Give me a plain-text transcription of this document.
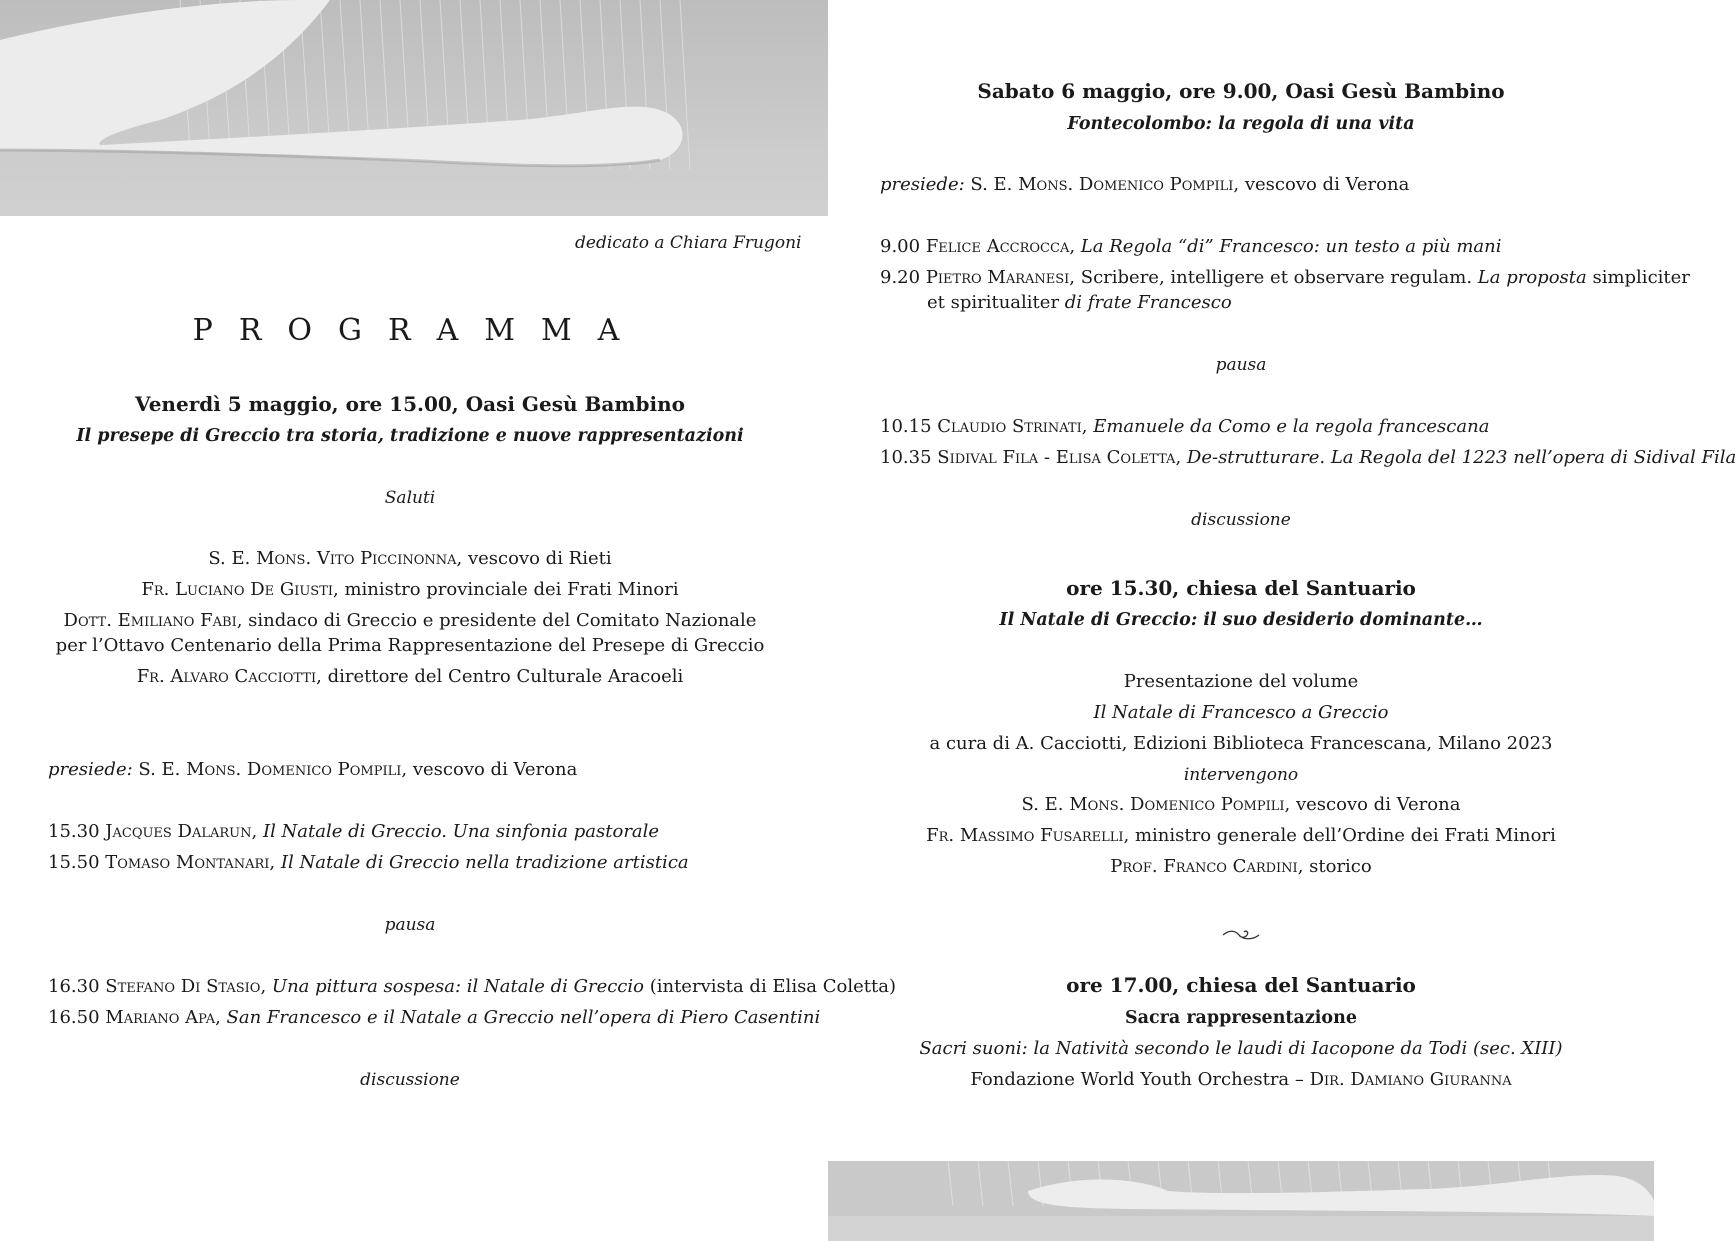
dedicato a Chiara Frugoni
PROGRAMMA
Venerdì 5 maggio, ore 15.00, Oasi Gesù Bambino
Il presepe di Greccio tra storia, tradizione e nuove rappresentazioni
Saluti
S. E. Mons. Vito Piccinonna, vescovo di Rieti
Fr. Luciano De Giusti, ministro provinciale dei Frati Minori
Dott. Emiliano Fabi, sindaco di Greccio e presidente del Comitato Nazionale
per l’Ottavo Centenario della Prima Rappresentazione del Presepe di Greccio
Fr. Alvaro Cacciotti, direttore del Centro Culturale Aracoeli
presiede: S. E. Mons. Domenico Pompili, vescovo di Verona
15.30 Jacques Dalarun, Il Natale di Greccio. Una sinfonia pastorale
15.50 Tomaso Montanari, Il Natale di Greccio nella tradizione artistica
pausa
16.30 Stefano Di Stasio, Una pittura sospesa: il Natale di Greccio (intervista di Elisa Coletta)
16.50 Mariano Apa, San Francesco e il Natale a Greccio nell’opera di Piero Casentini
discussione
Sabato 6 maggio, ore 9.00, Oasi Gesù Bambino
Fontecolombo: la regola di una vita
presiede: S. E. Mons. Domenico Pompili, vescovo di Verona
9.00 Felice Accrocca, La Regola “di” Francesco: un testo a più mani
9.20 Pietro Maranesi, Scribere, intelligere et observare regulam. La proposta simpliciter
et spiritualiter di frate Francesco
pausa
10.15 Claudio Strinati, Emanuele da Como e la regola francescana
10.35 Sidival Fila - Elisa Coletta, De-strutturare. La Regola del 1223 nell’opera di Sidival Fila
discussione
ore 15.30, chiesa del Santuario
Il Natale di Greccio: il suo desiderio dominante…
Presentazione del volume
Il Natale di Francesco a Greccio
a cura di A. Cacciotti, Edizioni Biblioteca Francescana, Milano 2023
intervengono
S. E. Mons. Domenico Pompili, vescovo di Verona
Fr. Massimo Fusarelli, ministro generale dell’Ordine dei Frati Minori
Prof. Franco Cardini, storico
ore 17.00, chiesa del Santuario
Sacra rappresentazione
Sacri suoni: la Natività secondo le laudi di Iacopone da Todi (sec. XIII)
Fondazione World Youth Orchestra – Dir. Damiano Giuranna
